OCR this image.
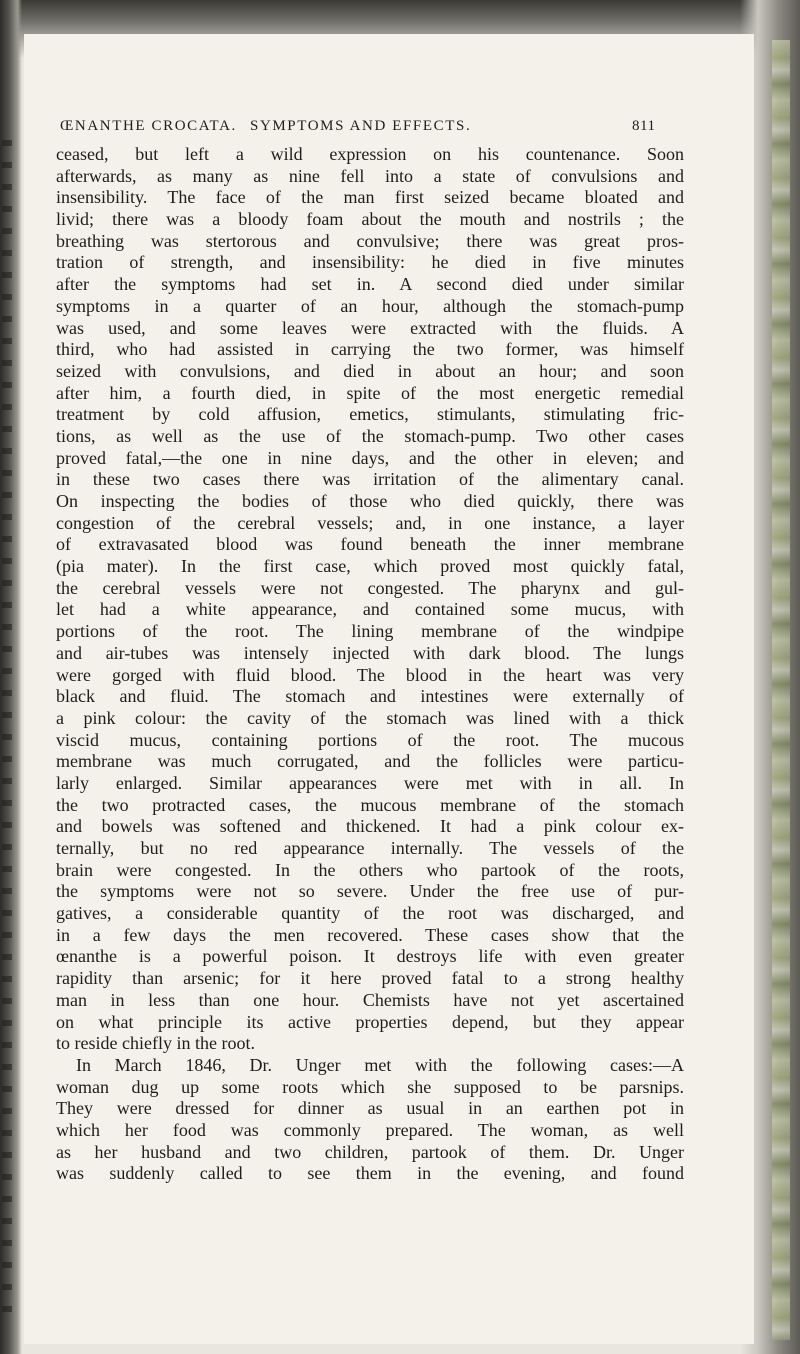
ŒNANTHE CROCATA. SYMPTOMS AND EFFECTS.	811
ceased, but left a wild expression on his countenance. Soon
afterwards, as many as nine fell into a state of convulsions and
insensibility. The face of the man first seized became bloated and
livid; there was a bloody foam about the mouth and nostrils ; the
breathing was stertorous and convulsive; there was great pros-
tration of strength, and insensibility: he died in five minutes
after the symptoms had set in. A second died under similar
symptoms in a quarter of an hour, although the stomach-pump
was used, and some leaves were extracted with the fluids. A
third, who had assisted in carrying the two former, was himself
seized with convulsions, and died in about an hour; and soon
after him, a fourth died, in spite of the most energetic remedial
treatment by cold affusion, emetics, stimulants, stimulating fric-
tions, as well as the use of the stomach-pump. Two other cases
proved fatal,—the one in nine days, and the other in eleven; and
in these two cases there was irritation of the alimentary canal.
On inspecting the bodies of those who died quickly, there was
congestion of the cerebral vessels; and, in one instance, a layer
of extravasated blood was found beneath the inner membrane
(pia mater). In the first case, which proved most quickly fatal,
the cerebral vessels were not congested. The pharynx and gul-
let had a white appearance, and contained some mucus, with
portions of the root. The lining membrane of the windpipe
and air-tubes was intensely injected with dark blood. The lungs
were gorged with fluid blood. The blood in the heart was very
black and fluid. The stomach and intestines were externally of
a pink colour: the cavity of the stomach was lined with a thick
viscid mucus, containing portions of the root. The mucous
membrane was much corrugated, and the follicles were particu-
larly enlarged. Similar appearances were met with in all. In
the two protracted cases, the mucous membrane of the stomach
and bowels was softened and thickened. It had a pink colour ex-
ternally, but no red appearance internally. The vessels of the
brain were congested. In the others who partook of the roots,
the symptoms were not so severe. Under the free use of pur-
gatives, a considerable quantity of the root was discharged, and
in a few days the men recovered. These cases show that the
œnanthe is a powerful poison. It destroys life with even greater
rapidity than arsenic; for it here proved fatal to a strong healthy
man in less than one hour. Chemists have not yet ascertained
on what principle its active properties depend, but they appear
to reside chiefly in the root.
In March 1846, Dr. Unger met with the following cases:—A
woman dug up some roots which she supposed to be parsnips.
They were dressed for dinner as usual in an earthen pot in
which her food was commonly prepared. The woman, as well
as her husband and two children, partook of them. Dr. Unger
was suddenly called to see them in the evening, and found
